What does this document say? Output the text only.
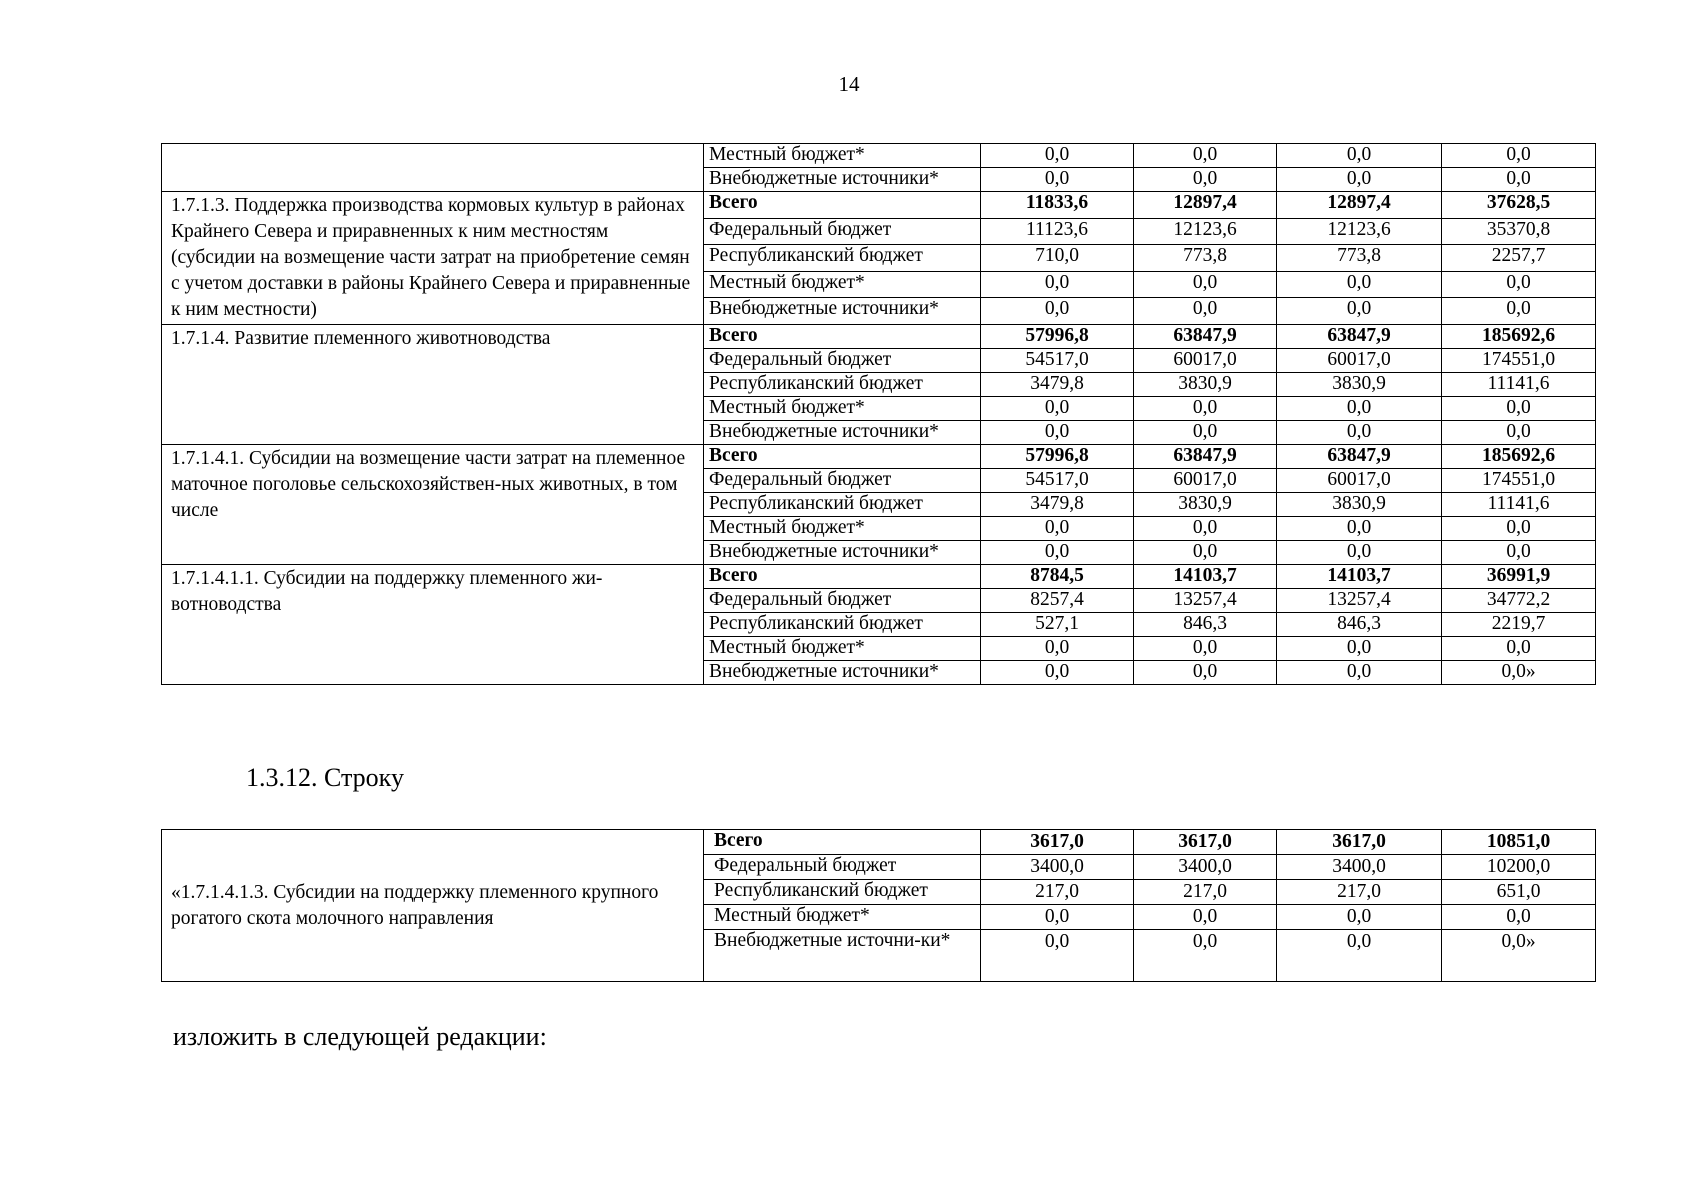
14
	Местный бюджет*	0,0	0,0	0,0	0,0
	Внебюджетные источники*	0,0	0,0	0,0	0,0
1.7.1.3. Поддержка производства кормовых культур в районах Крайнего Севера и приравненных к ним местностям (субсидии на возмещение части затрат на приобретение семян с учетом доставки в районы Крайнего Севера и приравненные к ним местности)	Всего	11833,6	12897,4	12897,4	37628,5
	Федеральный бюджет	11123,6	12123,6	12123,6	35370,8
	Республиканский бюджет	710,0	773,8	773,8	2257,7
	Местный бюджет*	0,0	0,0	0,0	0,0
	Внебюджетные источники*	0,0	0,0	0,0	0,0
1.7.1.4. Развитие племенного животноводства	Всего	57996,8	63847,9	63847,9	185692,6
	Федеральный бюджет	54517,0	60017,0	60017,0	174551,0
	Республиканский бюджет	3479,8	3830,9	3830,9	11141,6
	Местный бюджет*	0,0	0,0	0,0	0,0
	Внебюджетные источники*	0,0	0,0	0,0	0,0
1.7.1.4.1. Субсидии на возмещение части затрат на племенное маточное поголовье сельскохозяйствен-ных животных, в том числе	Всего	57996,8	63847,9	63847,9	185692,6
	Федеральный бюджет	54517,0	60017,0	60017,0	174551,0
	Республиканский бюджет	3479,8	3830,9	3830,9	11141,6
	Местный бюджет*	0,0	0,0	0,0	0,0
	Внебюджетные источники*	0,0	0,0	0,0	0,0
1.7.1.4.1.1. Субсидии на поддержку племенного жи-вотноводства	Всего	8784,5	14103,7	14103,7	36991,9
	Федеральный бюджет	8257,4	13257,4	13257,4	34772,2
	Республиканский бюджет	527,1	846,3	846,3	2219,7
	Местный бюджет*	0,0	0,0	0,0	0,0
	Внебюджетные источники*	0,0	0,0	0,0	0,0»
1.3.12. Строку
«1.7.1.4.1.3. Субсидии на поддержку племенного крупного рогатого скота молочного направления	Всего	3617,0	3617,0	3617,0	10851,0
	Федеральный бюджет	3400,0	3400,0	3400,0	10200,0
	Республиканский бюджет	217,0	217,0	217,0	651,0
	Местный бюджет*	0,0	0,0	0,0	0,0
	Внебюджетные источни-ки*	0,0	0,0	0,0	0,0»
изложить в следующей редакции:
